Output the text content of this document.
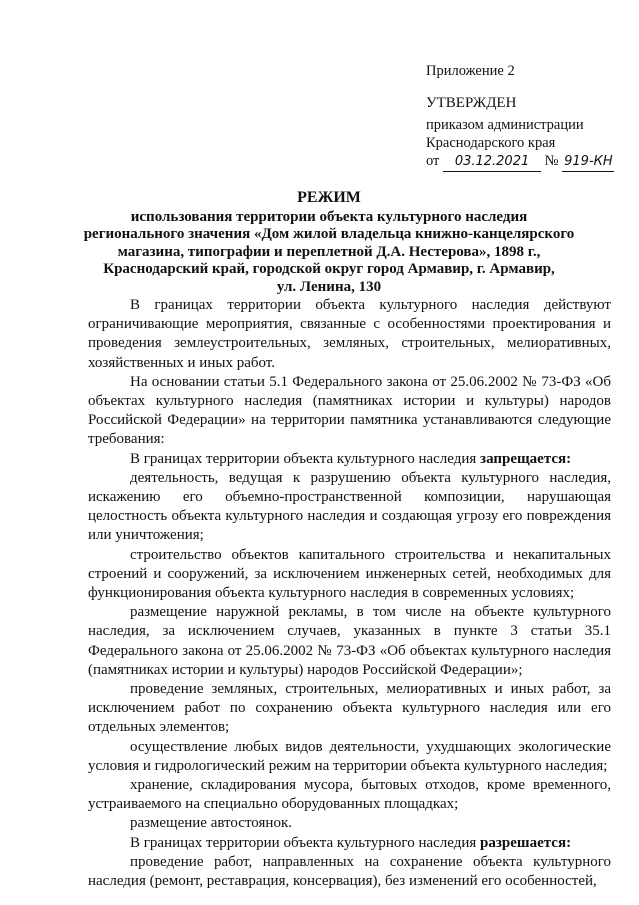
Приложение 2
УТВЕРЖДЕН
приказом администрации
Краснодарского края
от 03.12.2021 № 919-КН
РЕЖИМ
использования территории объекта культурного наследия
регионального значения «Дом жилой владельца книжно-канцелярского
магазина, типографии и переплетной Д.А. Нестерова», 1898 г.,
Краснодарский край, городской округ город Армавир, г. Армавир,
ул. Ленина, 130

В границах территории объекта культурного наследия действуют ограничивающие мероприятия, связанные с особенностями проектирования и проведения землеустроительных, земляных, строительных, мелиоративных, хозяйственных и иных работ.

На основании статьи 5.1 Федерального закона от 25.06.2002 № 73-ФЗ «Об объектах культурного наследия (памятниках истории и культуры) народов Российской Федерации» на территории памятника устанавливаются следующие требования:

В границах территории объекта культурного наследия запрещается:

деятельность, ведущая к разрушению объекта культурного наследия, искажению его объемно-пространственной композиции, нарушающая целостность объекта культурного наследия и создающая угрозу его повреждения или уничтожения;

строительство объектов капитального строительства и некапитальных строений и сооружений, за исключением инженерных сетей, необходимых для функционирования объекта культурного наследия в современных условиях;

размещение наружной рекламы, в том числе на объекте культурного наследия, за исключением случаев, указанных в пункте 3 статьи 35.1 Федерального закона от 25.06.2002 № 73-ФЗ «Об объектах культурного наследия (памятниках истории и культуры) народов Российской Федерации»;

проведение земляных, строительных, мелиоративных и иных работ, за исключением работ по сохранению объекта культурного наследия или его отдельных элементов;

осуществление любых видов деятельности, ухудшающих экологические условия и гидрологический режим на территории объекта культурного наследия;

хранение, складирования мусора, бытовых отходов, кроме временного, устраиваемого на специально оборудованных площадках;

размещение автостоянок.

В границах территории объекта культурного наследия разрешается:

проведение работ, направленных на сохранение объекта культурного наследия (ремонт, реставрация, консервация), без изменений его особенностей,
